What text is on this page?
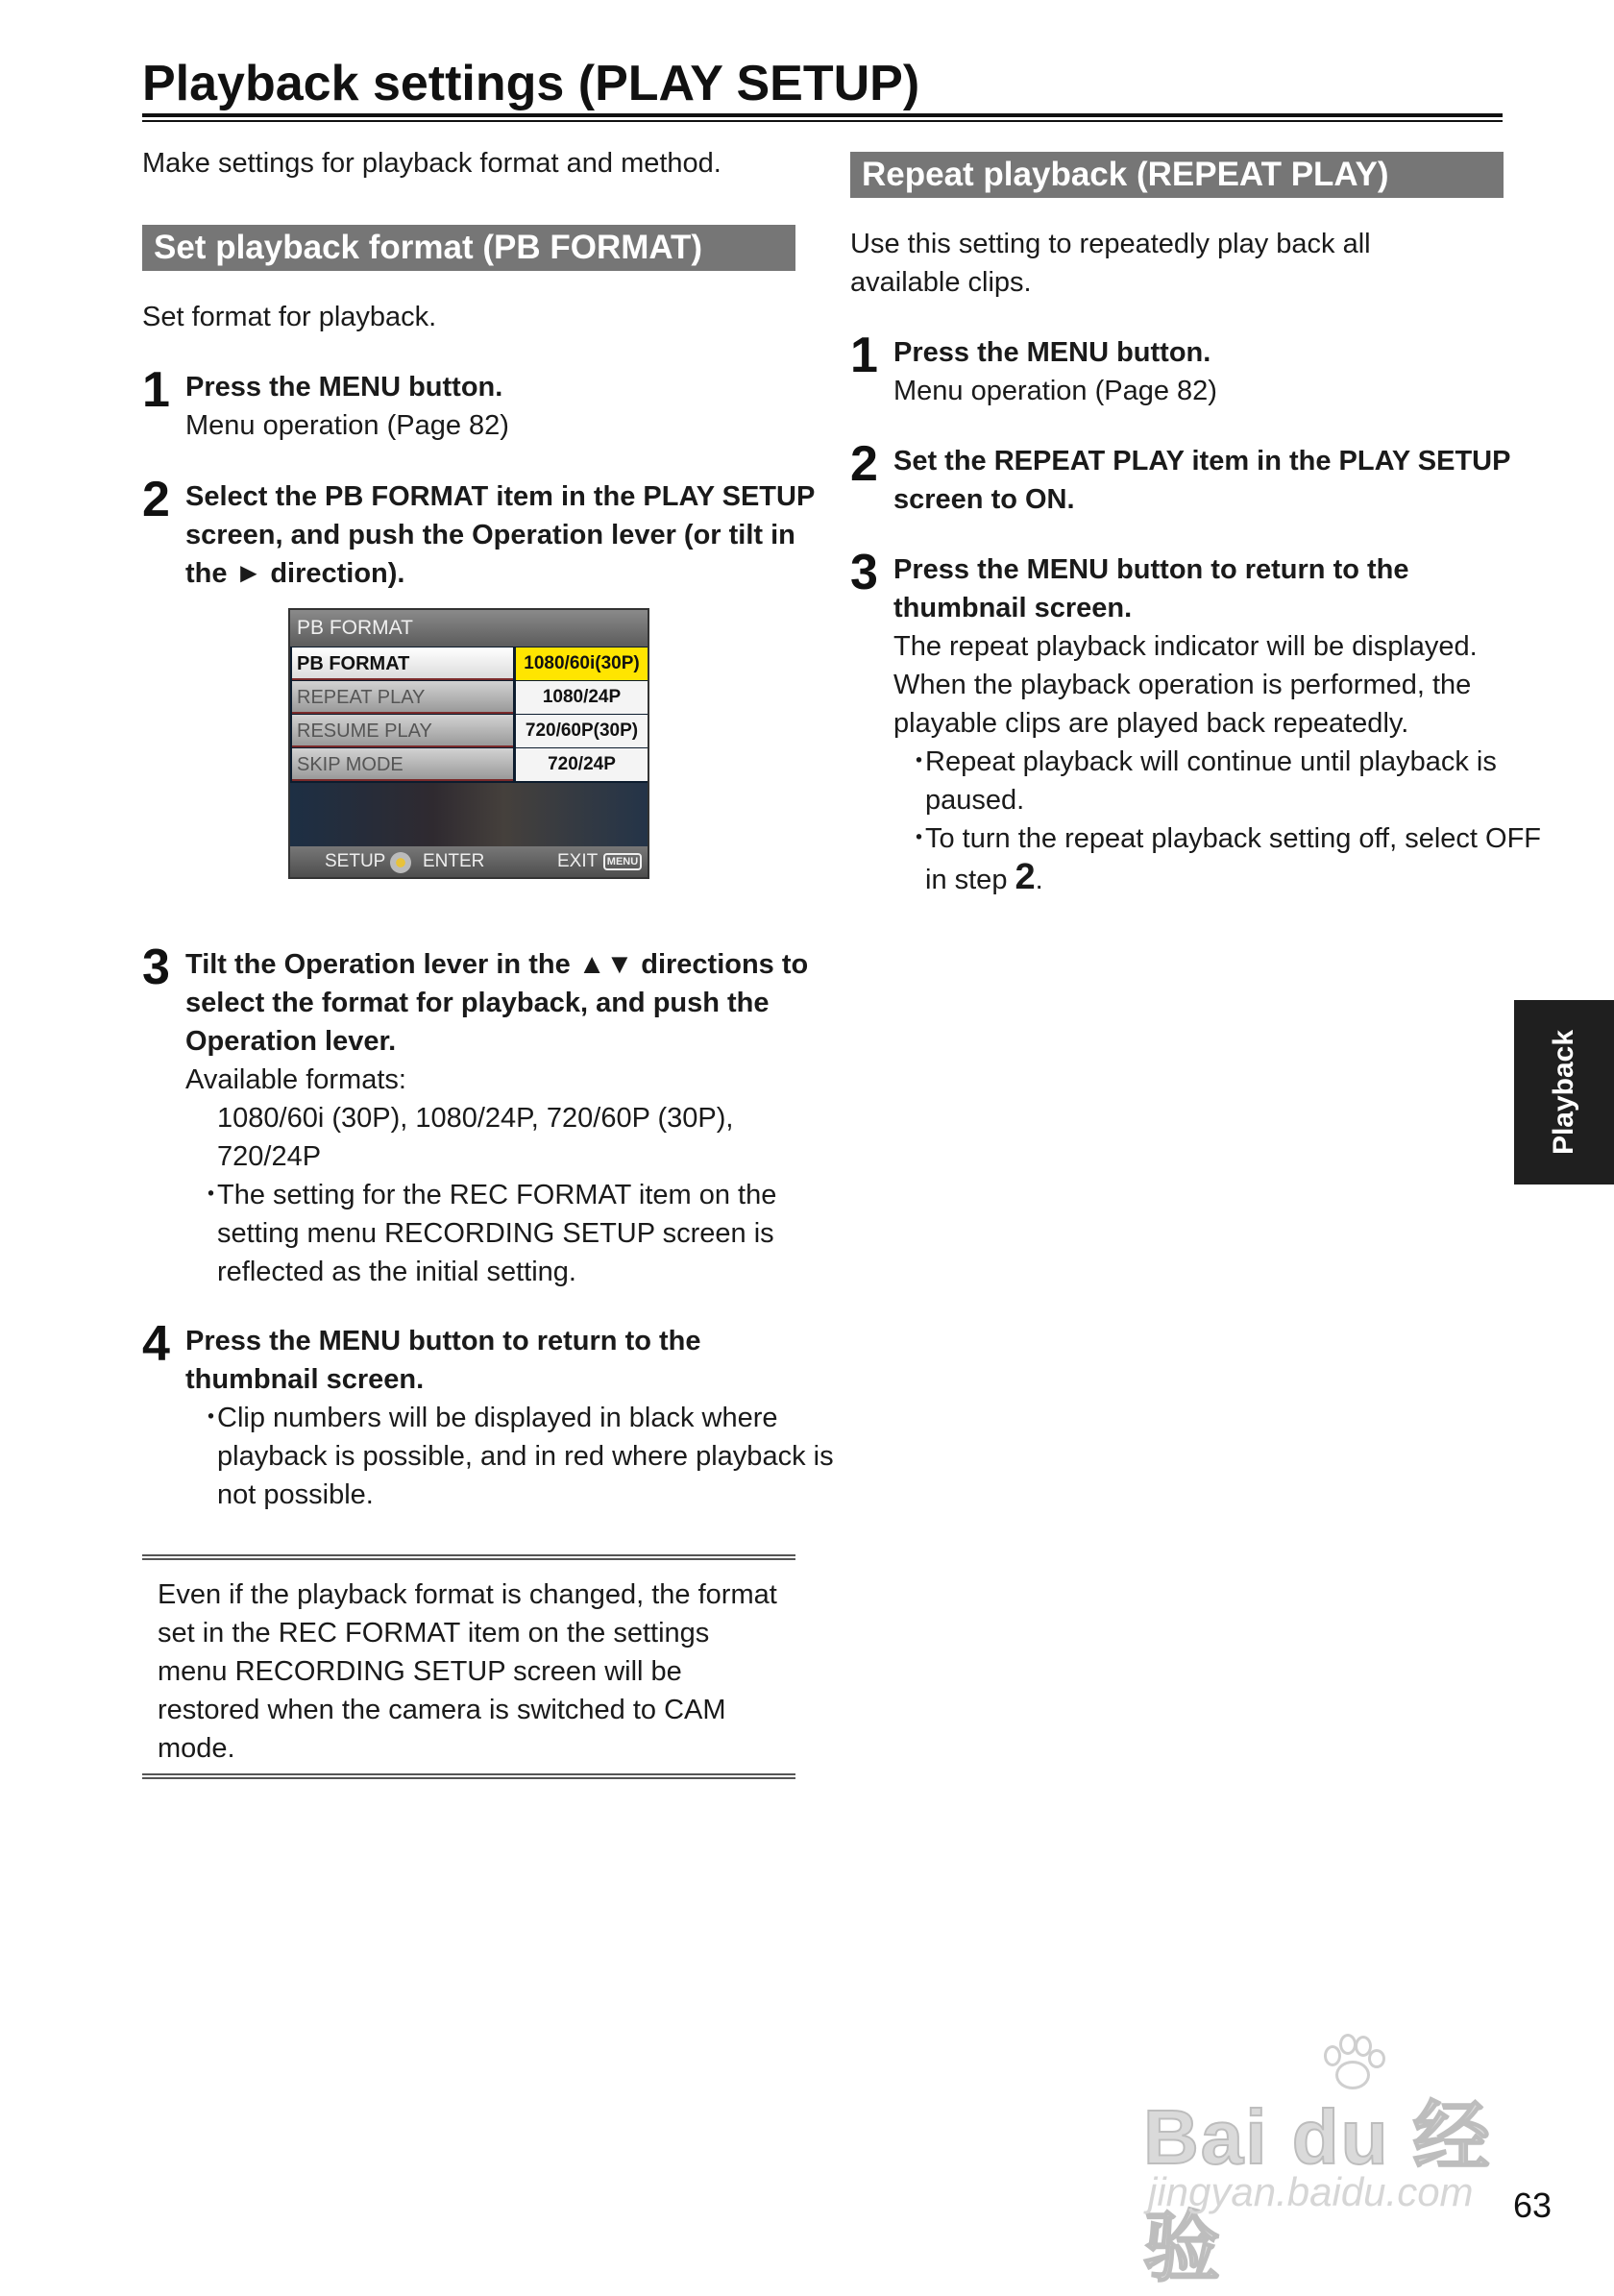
Playback settings (PLAY SETUP)

Make settings for playback format and method.

Set playback format (PB FORMAT)

Set format for playback.

1 Press the MENU button.
Menu operation (Page 82)
2 Select the PB FORMAT item in the PLAY SETUP screen, and push the Operation lever (or tilt in the ► direction).
3 Tilt the Operation lever in the ▲▼ directions to select the format for playback, and push the Operation lever.
Available formats:
1080/60i (30P), 1080/24P, 720/60P (30P), 720/24P
・
The setting for the REC FORMAT item on the setting menu RECORDING SETUP screen is reflected as the initial setting.
4 Press the MENU button to return to the thumbnail screen.
・
Clip numbers will be displayed in black where playback is possible, and in red where playback is not possible.
PB FORMAT
PB FORMAT	1080/60i(30P)
REPEAT PLAY	1080/24P
RESUME PLAY	720/60P(30P)
SKIP MODE	720/24P
SETUP ENTER	EXIT MENU

Even if the playback format is changed, the format set in the REC FORMAT item on the settings menu RECORDING SETUP screen will be restored when the camera is switched to CAM mode.

Repeat playback (REPEAT PLAY)

Use this setting to repeatedly play back all available clips.

1 Press the MENU button.
Menu operation (Page 82)
2 Set the REPEAT PLAY item in the PLAY SETUP screen to ON.
3 Press the MENU button to return to the thumbnail screen.
The repeat playback indicator will be displayed. When the playback operation is performed, the playable clips are played back repeatedly.
・
Repeat playback will continue until playback is paused.
・
To turn the repeat playback setting off, select OFF in step 2.
Playback
Bai du 经验
jingyan.baidu.com 63
